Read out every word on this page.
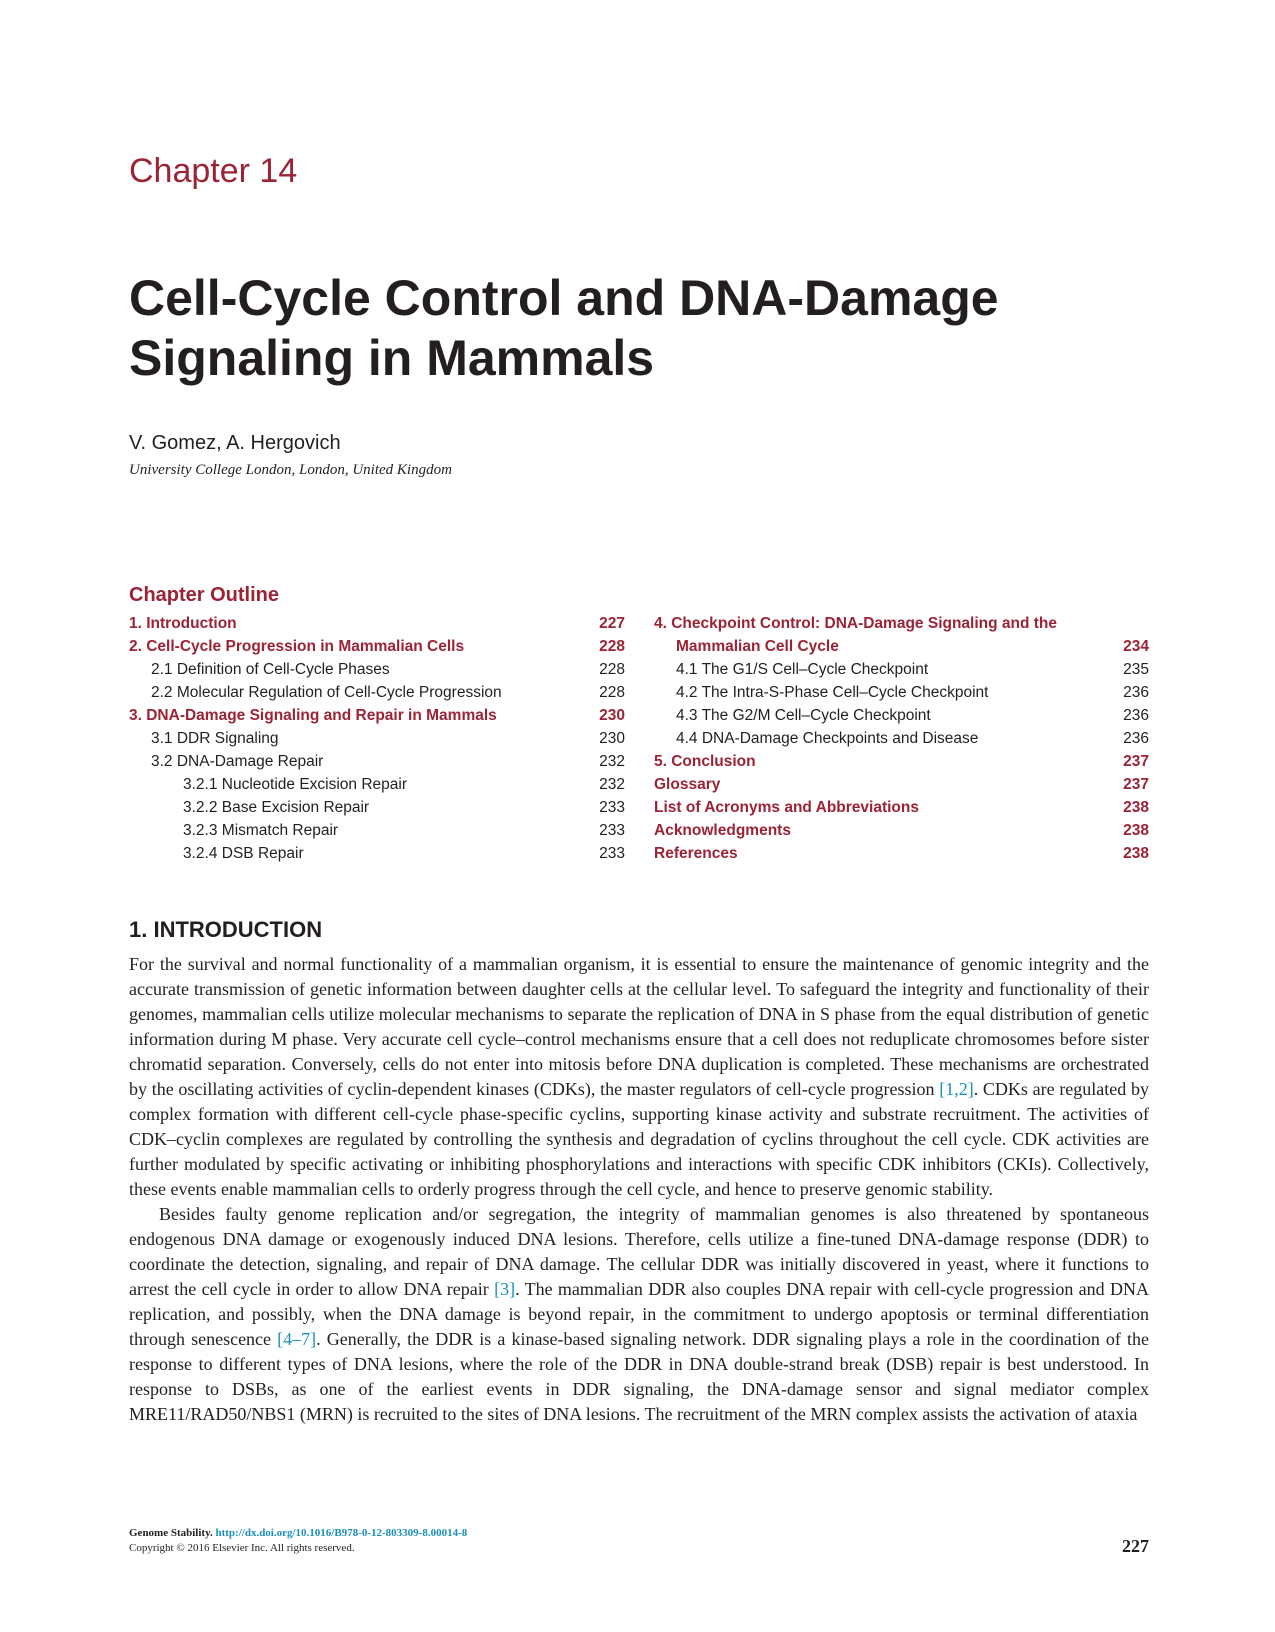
Chapter 14
Cell-Cycle Control and DNA-Damage
Signaling in Mammals
V. Gomez, A. Hergovich
University College London, London, United Kingdom
Chapter Outline
1. Introduction	227
2. Cell-Cycle Progression in Mammalian Cells	228
2.1 Definition of Cell-Cycle Phases	228
2.2 Molecular Regulation of Cell-Cycle Progression	228
3. DNA-Damage Signaling and Repair in Mammals	230
3.1 DDR Signaling	230
3.2 DNA-Damage Repair	232
3.2.1 Nucleotide Excision Repair	232
3.2.2 Base Excision Repair	233
3.2.3 Mismatch Repair	233
3.2.4 DSB Repair	233
4. Checkpoint Control: DNA-Damage Signaling and the
Mammalian Cell Cycle	234
4.1 The G1/S Cell–Cycle Checkpoint	235
4.2 The Intra-S-Phase Cell–Cycle Checkpoint	236
4.3 The G2/M Cell–Cycle Checkpoint	236
4.4 DNA-Damage Checkpoints and Disease	236
5. Conclusion	237
Glossary	237
List of Acronyms and Abbreviations	238
Acknowledgments	238
References	238
1. INTRODUCTION

For the survival and normal functionality of a mammalian organism, it is essential to ensure the maintenance of genomic integrity and the accurate transmission of genetic information between daughter cells at the cellular level. To safeguard the integrity and functionality of their genomes, mammalian cells utilize molecular mechanisms to separate the replication of DNA in S phase from the equal distribution of genetic information during M phase. Very accurate cell cycle–control mechanisms ensure that a cell does not reduplicate chromosomes before sister chromatid separation. Conversely, cells do not enter into mitosis before DNA duplication is completed. These mechanisms are orchestrated by the oscillating activities of cyclin-dependent kinases (CDKs), the master regulators of cell-cycle progression [1,2]. CDKs are regulated by complex formation with different cell-cycle phase-specific cyclins, supporting kinase activity and substrate recruitment. The activities of CDK–cyclin complexes are regulated by controlling the synthesis and degradation of cyclins throughout the cell cycle. CDK activities are further modulated by specific activating or inhibiting phosphorylations and interactions with specific CDK inhibitors (CKIs). Collectively, these events enable mammalian cells to orderly progress through the cell cycle, and hence to preserve genomic stability.

Besides faulty genome replication and/or segregation, the integrity of mammalian genomes is also threatened by spontaneous endogenous DNA damage or exogenously induced DNA lesions. Therefore, cells utilize a fine-tuned DNA-damage response (DDR) to coordinate the detection, signaling, and repair of DNA damage. The cellular DDR was initially discovered in yeast, where it functions to arrest the cell cycle in order to allow DNA repair [3]. The mammalian DDR also couples DNA repair with cell-cycle progression and DNA replication, and possibly, when the DNA damage is beyond repair, in the commitment to undergo apoptosis or terminal differentiation through senescence [4–7]. Generally, the DDR is a kinase-based signaling network. DDR signaling plays a role in the coordination of the response to different types of DNA lesions, where the role of the DDR in DNA double-strand break (DSB) repair is best understood. In response to DSBs, as one of the earliest events in DDR signaling, the DNA-damage sensor and signal mediator complex MRE11/RAD50/NBS1 (MRN) is recruited to the sites of DNA lesions. The recruitment of the MRN complex assists the activation of ataxia

Genome Stability. http://dx.doi.org/10.1016/B978-0-12-803309-8.00014-8
Copyright © 2016 Elsevier Inc. All rights reserved.	227
